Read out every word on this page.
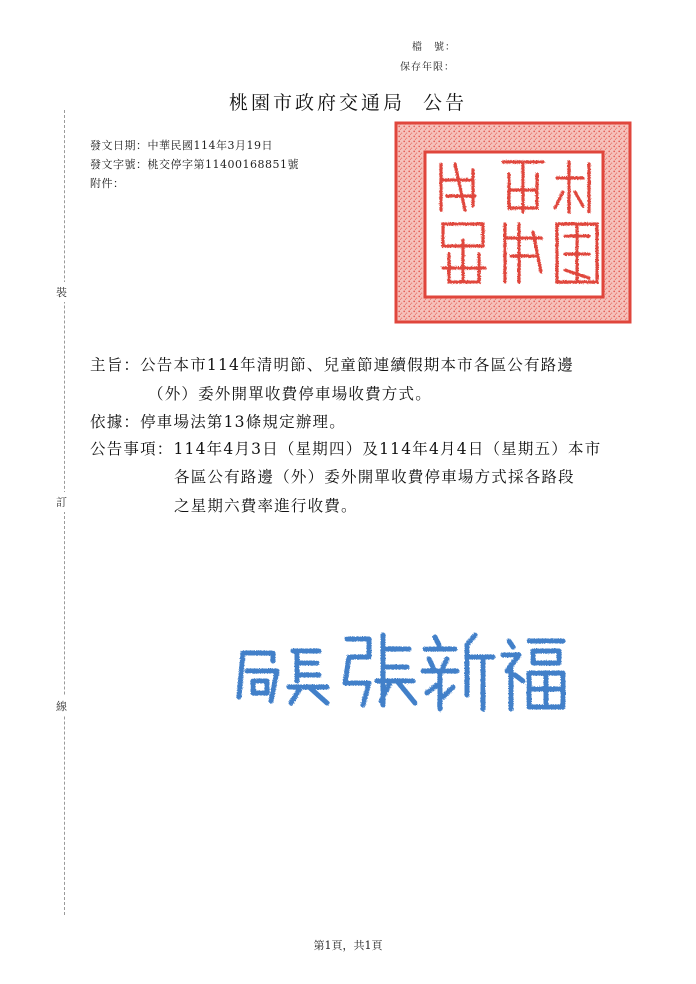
檔　號：
保存年限：
桃園市政府交通局 公告
發文日期：中華民國114年3月19日
發文字號：桃交停字第11400168851號
附件：
裝
訂
線
主旨：公告本市114年清明節、兒童節連續假期本市各區公有路邊
（外）委外開單收費停車場收費方式。
依據：停車場法第13條規定辦理。
公告事項：114年4月3日（星期四）及114年4月4日（星期五）本市
各區公有路邊（外）委外開單收費停車場方式採各路段
之星期六費率進行收費。
第1頁，共1頁
